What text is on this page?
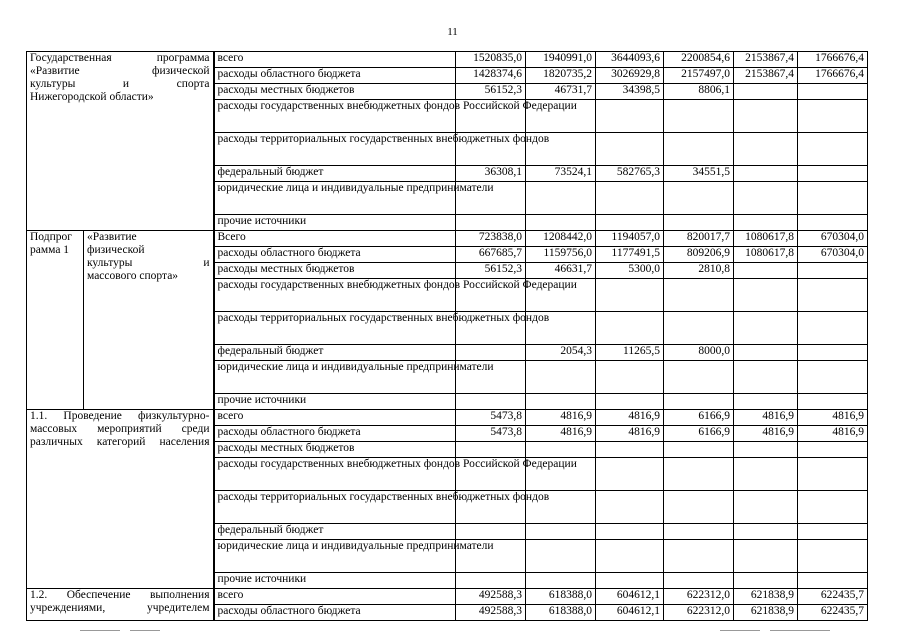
11
Государственная программа
«Развитие физической
культуры и спорта
Нижегородской области»		всего	1520835,0	1940991,0	3644093,6	2200854,6	2153867,4	1766676,4

		расходы областного бюджета	1428374,6	1820735,2	3026929,8	2157497,0	2153867,4	1766676,4

		расходы местных бюджетов	56152,3	46731,7	34398,5	8806,1		

		расходы государственных внебюджетных фондов Российской Федерации						

		расходы территориальных государственных внебюджетных фондов						

		федеральный бюджет	36308,1	73524,1	582765,3	34551,5		

		юридические лица и индивидуальные предприниматели						

		прочие источники						

Подпрог
рамма 1	«Развитие
физической
культуры и
массового спорта»	Всего	723838,0	1208442,0	1194057,0	820017,7	1080617,8	670304,0

		расходы областного бюджета	667685,7	1159756,0	1177491,5	809206,9	1080617,8	670304,0

		расходы местных бюджетов	56152,3	46631,7	5300,0	2810,8		

		расходы государственных внебюджетных фондов Российской Федерации						

		расходы территориальных государственных внебюджетных фондов						

		федеральный бюджет		2054,3	11265,5	8000,0		

		юридические лица и индивидуальные предприниматели						

		прочие источники						

1.1. Проведение физкультурно-
массовых мероприятий среди
различных категорий населения		всего	5473,8	4816,9	4816,9	6166,9	4816,9	4816,9

		расходы областного бюджета	5473,8	4816,9	4816,9	6166,9	4816,9	4816,9

		расходы местных бюджетов						

		расходы государственных внебюджетных фондов Российской Федерации						

		расходы территориальных государственных внебюджетных фондов						

		федеральный бюджет						

		юридические лица и индивидуальные предприниматели						

		прочие источники						

1.2. Обеспечение выполнения
учреждениями, учредителем		всего	492588,3	618388,0	604612,1	622312,0	621838,9	622435,7

		расходы областного бюджета	492588,3	618388,0	604612,1	622312,0	621838,9	622435,7
